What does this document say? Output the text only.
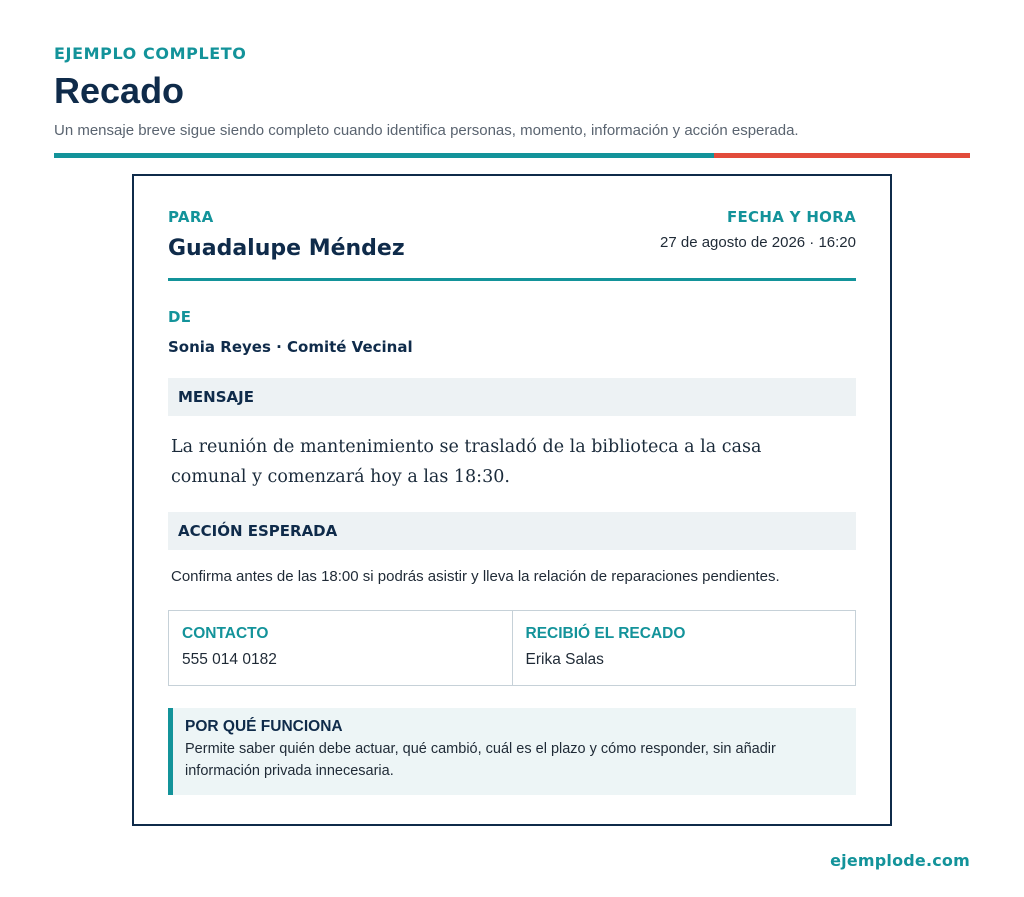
EJEMPLO COMPLETO
Recado
Un mensaje breve sigue siendo completo cuando identifica personas, momento, información y acción esperada.
PARA
Guadalupe Méndez
FECHA Y HORA
27 de agosto de 2026 · 16:20
DE
Sonia Reyes · Comité Vecinal
MENSAJE
La reunión de mantenimiento se trasladó de la biblioteca a la casa comunal y comenzará hoy a las 18:30.
ACCIÓN ESPERADA
Confirma antes de las 18:00 si podrás asistir y lleva la relación de reparaciones pendientes.
CONTACTO
555 014 0182
RECIBIÓ EL RECADO
Erika Salas
POR QUÉ FUNCIONA
Permite saber quién debe actuar, qué cambió, cuál es el plazo y cómo responder, sin añadir información privada innecesaria.
ejemplode.com
